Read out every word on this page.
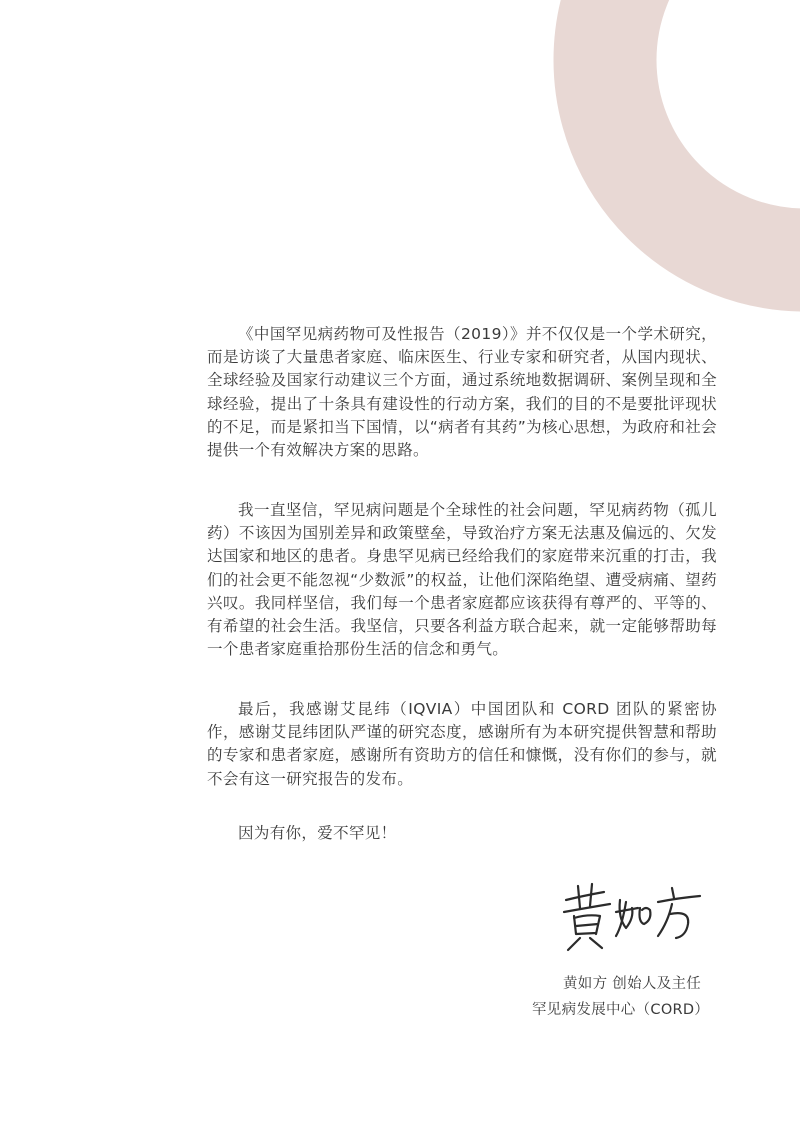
《中国罕见病药物可及性报告（2019）》并不仅仅是一个学术研究，而是访谈了大量患者家庭、临床医生、行业专家和研究者，从国内现状、全球经验及国家行动建议三个方面，通过系统地数据调研、案例呈现和全球经验，提出了十条具有建设性的行动方案，我们的目的不是要批评现状的不足，而是紧扣当下国情，以“病者有其药”为核心思想，为政府和社会提供一个有效解决方案的思路。

我一直坚信，罕见病问题是个全球性的社会问题，罕见病药物（孤儿药）不该因为国别差异和政策壁垒，导致治疗方案无法惠及偏远的、欠发达国家和地区的患者。身患罕见病已经给我们的家庭带来沉重的打击，我们的社会更不能忽视“少数派”的权益，让他们深陷绝望、遭受病痛、望药兴叹。我同样坚信，我们每一个患者家庭都应该获得有尊严的、平等的、有希望的社会生活。我坚信，只要各利益方联合起来，就一定能够帮助每一个患者家庭重拾那份生活的信念和勇气。

最后，我感谢艾昆纬（IQVIA）中国团队和 CORD 团队的紧密协作，感谢艾昆纬团队严谨的研究态度，感谢所有为本研究提供智慧和帮助的专家和患者家庭，感谢所有资助方的信任和慷慨，没有你们的参与，就不会有这一研究报告的发布。

因为有你，爱不罕见！

黄如方 创始人及主任
罕见病发展中心（CORD）
